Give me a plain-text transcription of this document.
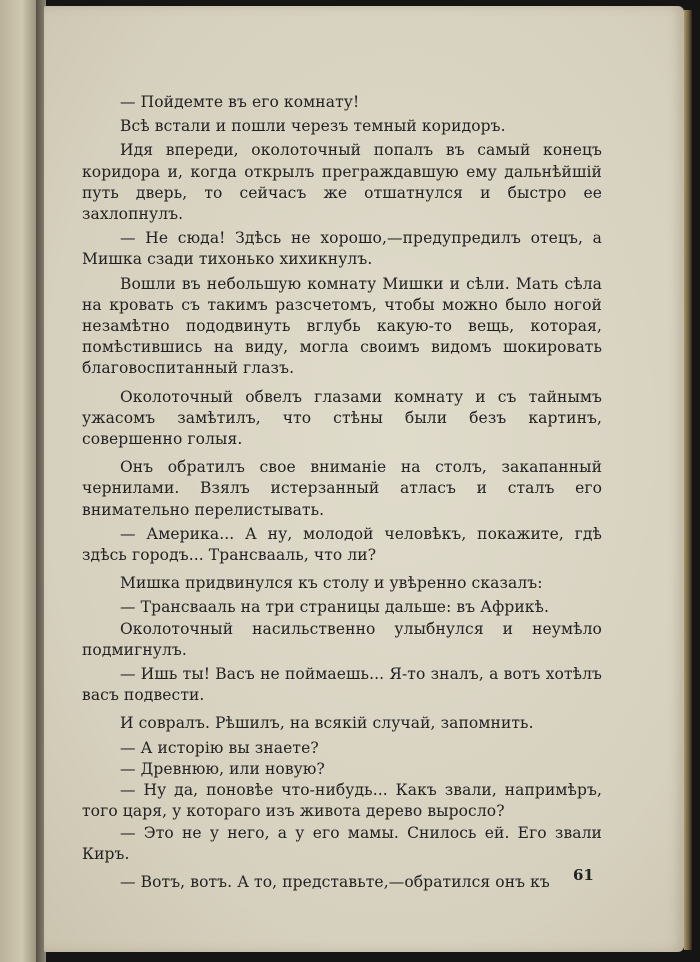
— Пойдемте въ его комнату!

Всѣ встали и пошли черезъ темный коридоръ.

Идя впереди, околоточный попалъ въ самый конецъ коридора и, когда открылъ преграждавшую ему дальнѣйшій путь дверь, то сейчасъ же отшатнулся и быстро ее захлопнулъ.

— Не сюда! Здѣсь не хорошо,—предупредилъ отецъ, а Мишка сзади тихонько хихикнулъ.

Вошли въ небольшую комнату Мишки и сѣли. Мать сѣла на кровать съ такимъ разсчетомъ, чтобы можно было ногой незамѣтно пододвинуть вглубь какую-то вещь, которая, помѣстившись на виду, могла своимъ видомъ шокировать благовоспитанный глазъ.

Околоточный обвелъ глазами комнату и съ тайнымъ ужасомъ замѣтилъ, что стѣны были безъ картинъ, совершенно голыя.

Онъ обратилъ свое вниманіе на столъ, закапанный чернилами. Взялъ истерзанный атласъ и сталъ его внимательно перелистывать.

— Америка... А ну, молодой человѣкъ, покажите, гдѣ здѣсь городъ... Трансвааль, что ли?

Мишка придвинулся къ столу и увѣренно сказалъ:

— Трансвааль на три страницы дальше: въ Африкѣ.

Околоточный насильственно улыбнулся и неумѣло подмигнулъ.

— Ишь ты! Васъ не поймаешь... Я-то зналъ, а вотъ хотѣлъ васъ подвести.

И совралъ. Рѣшилъ, на всякій случай, запомнить.

— А исторію вы знаете?

— Древнюю, или новую?

— Ну да, поновѣе что-нибудь... Какъ звали, напримѣръ, того царя, у котораго изъ живота дерево выросло?

— Это не у него, а у его мамы. Снилось ей. Его звали Киръ.

— Вотъ, вотъ. А то, представьте,—обратился онъ къ	61
